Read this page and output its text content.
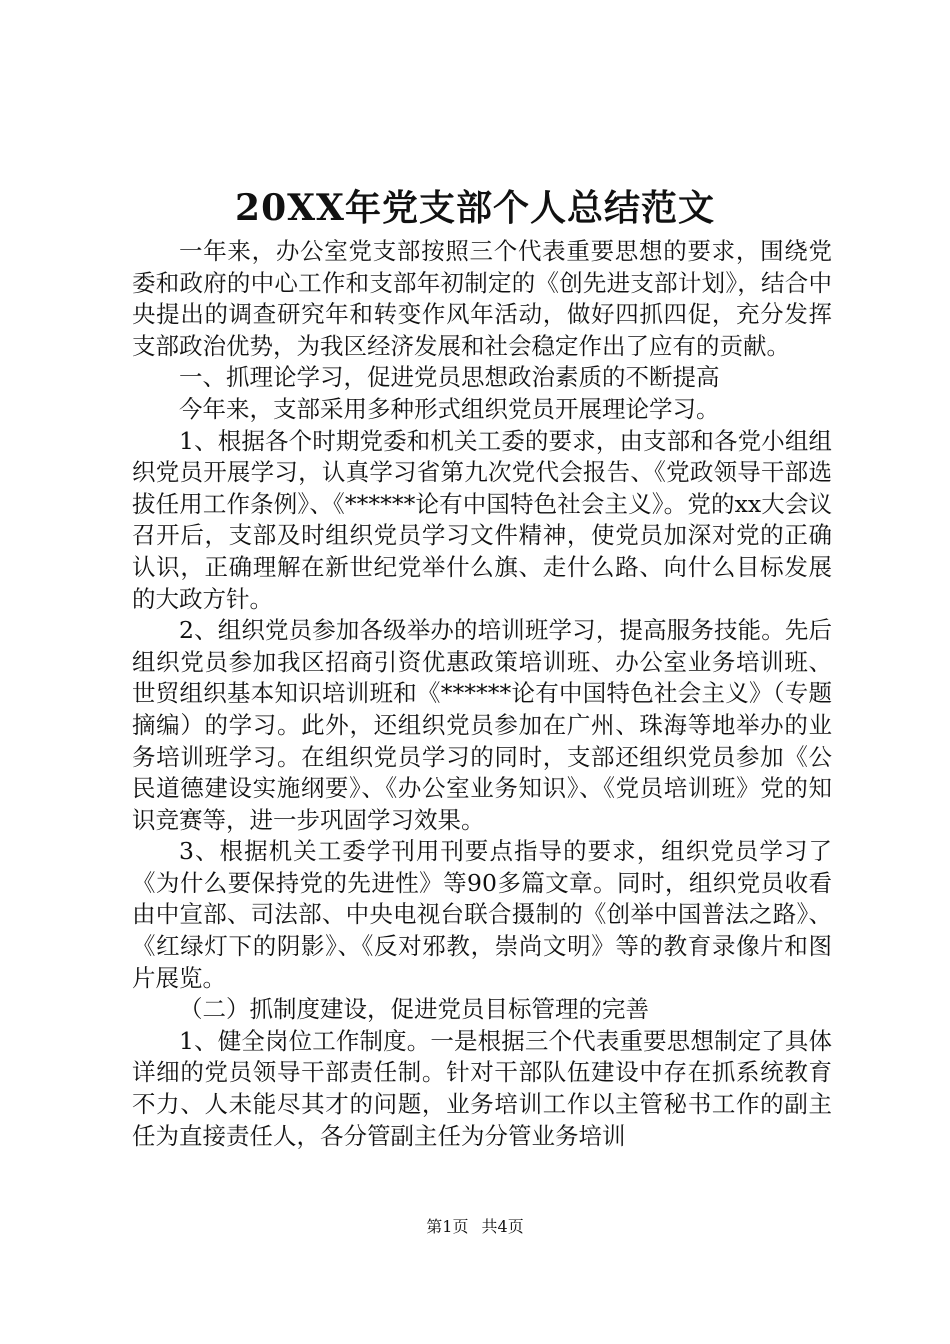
20XX年党支部个人总结范文

一年来，办公室党支部按照三个代表重要思想的要求，围绕党委和政府的中心工作和支部年初制定的《创先进支部计划》，结合中央提出的调查研究年和转变作风年活动，做好四抓四促，充分发挥支部政治优势，为我区经济发展和社会稳定作出了应有的贡献。

一、抓理论学习，促进党员思想政治素质的不断提高

今年来，支部采用多种形式组织党员开展理论学习。

1、根据各个时期党委和机关工委的要求，由支部和各党小组组织党员开展学习，认真学习省第九次党代会报告、《党政领导干部选拔任用工作条例》、《******论有中国特色社会主义》。党的xx大会议召开后，支部及时组织党员学习文件精神，使党员加深对党的正确认识，正确理解在新世纪党举什么旗、走什么路、向什么目标发展的大政方针。

2、组织党员参加各级举办的培训班学习，提高服务技能。先后组织党员参加我区招商引资优惠政策培训班、办公室业务培训班、世贸组织基本知识培训班和《******论有中国特色社会主义》（专题摘编）的学习。此外，还组织党员参加在广州、珠海等地举办的业务培训班学习。在组织党员学习的同时，支部还组织党员参加《公民道德建设实施纲要》、《办公室业务知识》、《党员培训班》党的知识竞赛等，进一步巩固学习效果。

3、根据机关工委学刊用刊要点指导的要求，组织党员学习了《为什么要保持党的先进性》等90多篇文章。同时，组织党员收看由中宣部、司法部、中央电视台联合摄制的《创举中国普法之路》、《红绿灯下的阴影》、《反对邪教，崇尚文明》等的教育录像片和图片展览。

（二）抓制度建设，促进党员目标管理的完善

1、健全岗位工作制度。一是根据三个代表重要思想制定了具体详细的党员领导干部责任制。针对干部队伍建设中存在抓系统教育不力、人未能尽其才的问题，业务培训工作以主管秘书工作的副主任为直接责任人，各分管副主任为分管业务培训

第1页 共4页
